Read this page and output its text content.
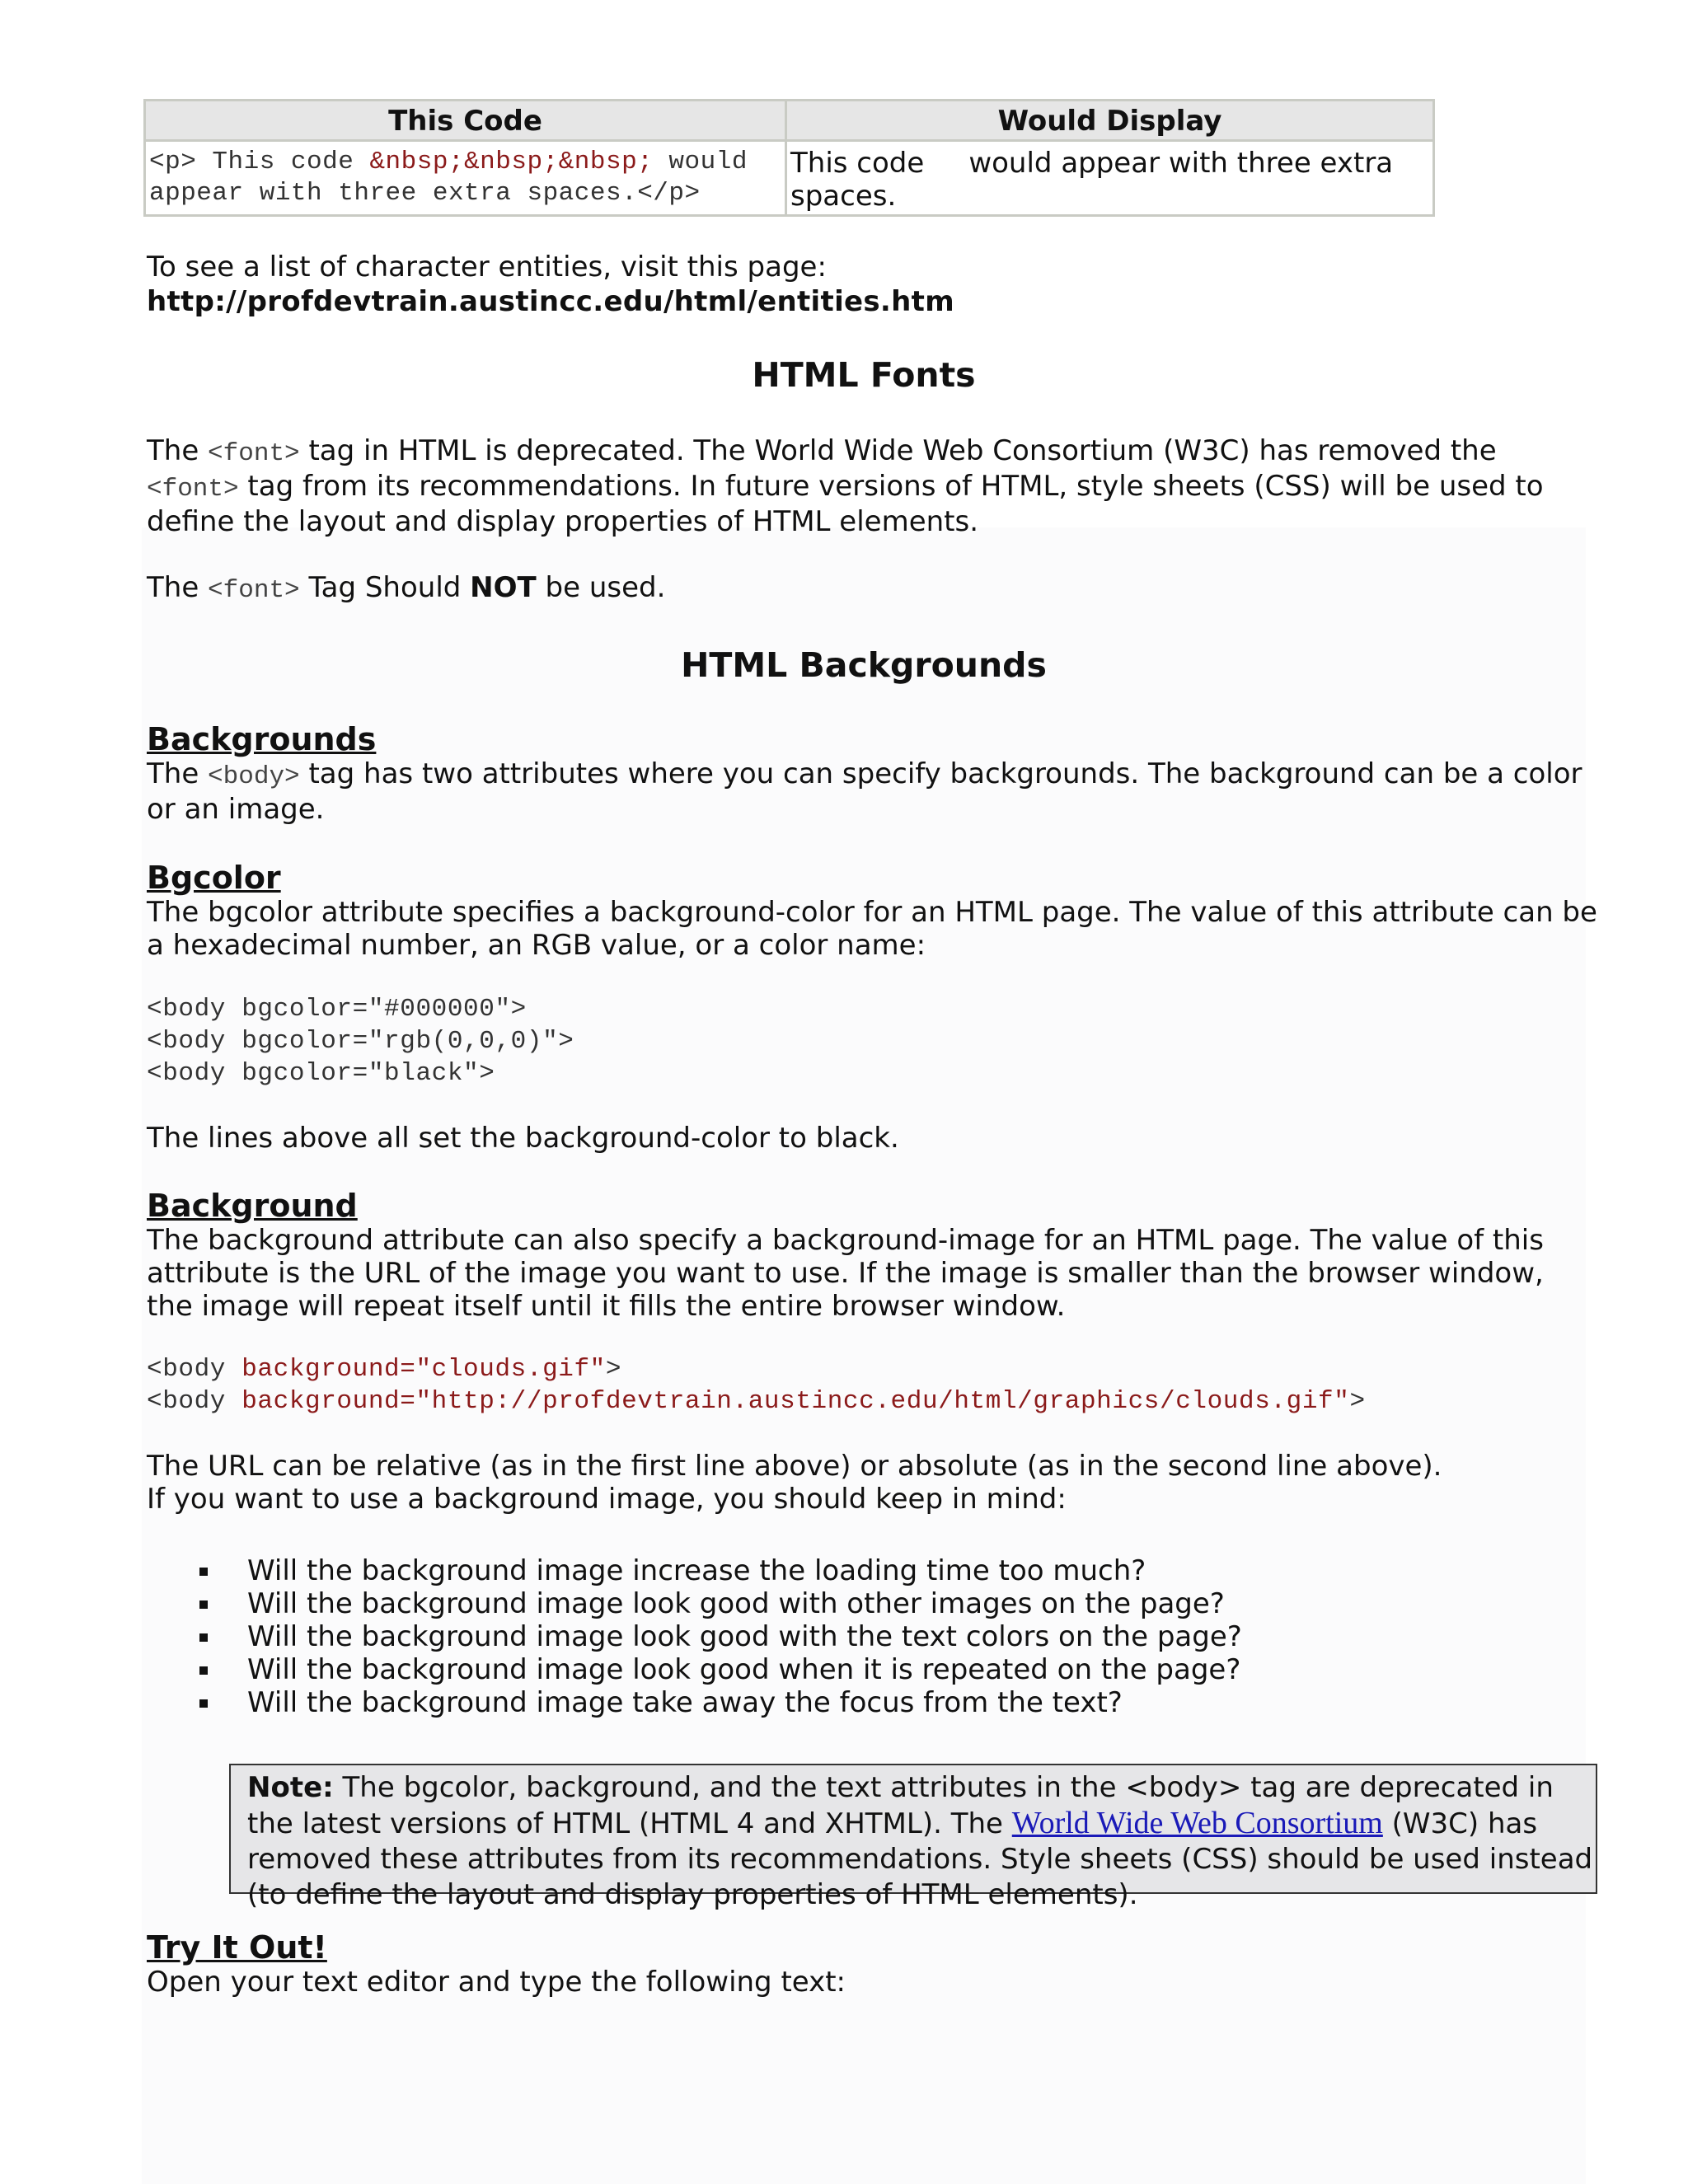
This Code	Would Display

<p> This code &nbsp;&nbsp;&nbsp; would appear with three extra spaces.</p>	This code     would appear with three extra spaces.
To see a list of character entities, visit this page:
http://profdevtrain.austincc.edu/html/entities.htm
HTML Fonts
The <font> tag in HTML is deprecated. The World Wide Web Consortium (W3C) has removed the
<font> tag from its recommendations. In future versions of HTML, style sheets (CSS) will be used to
define the layout and display properties of HTML elements.
The <font> Tag Should NOT be used.
HTML Backgrounds
Backgrounds
The <body> tag has two attributes where you can specify backgrounds. The background can be a color
or an image.
Bgcolor
The bgcolor attribute specifies a background-color for an HTML page. The value of this attribute can be
a hexadecimal number, an RGB value, or a color name:
<body bgcolor="#000000">
<body bgcolor="rgb(0,0,0)">
<body bgcolor="black">
The lines above all set the background-color to black.
Background
The background attribute can also specify a background-image for an HTML page. The value of this
attribute is the URL of the image you want to use. If the image is smaller than the browser window,
the image will repeat itself until it fills the entire browser window.
<body background="clouds.gif">
<body background="http://profdevtrain.austincc.edu/html/graphics/clouds.gif">
The URL can be relative (as in the first line above) or absolute (as in the second line above).
If you want to use a background image, you should keep in mind:
Will the background image increase the loading time too much?
Will the background image look good with other images on the page?
Will the background image look good with the text colors on the page?
Will the background image look good when it is repeated on the page?
Will the background image take away the focus from the text?
Note: The bgcolor, background, and the text attributes in the <body> tag are deprecated in
the latest versions of HTML (HTML 4 and XHTML). The World Wide Web Consortium (W3C) has
removed these attributes from its recommendations. Style sheets (CSS) should be used instead
(to define the layout and display properties of HTML elements).
Try It Out!
Open your text editor and type the following text:
